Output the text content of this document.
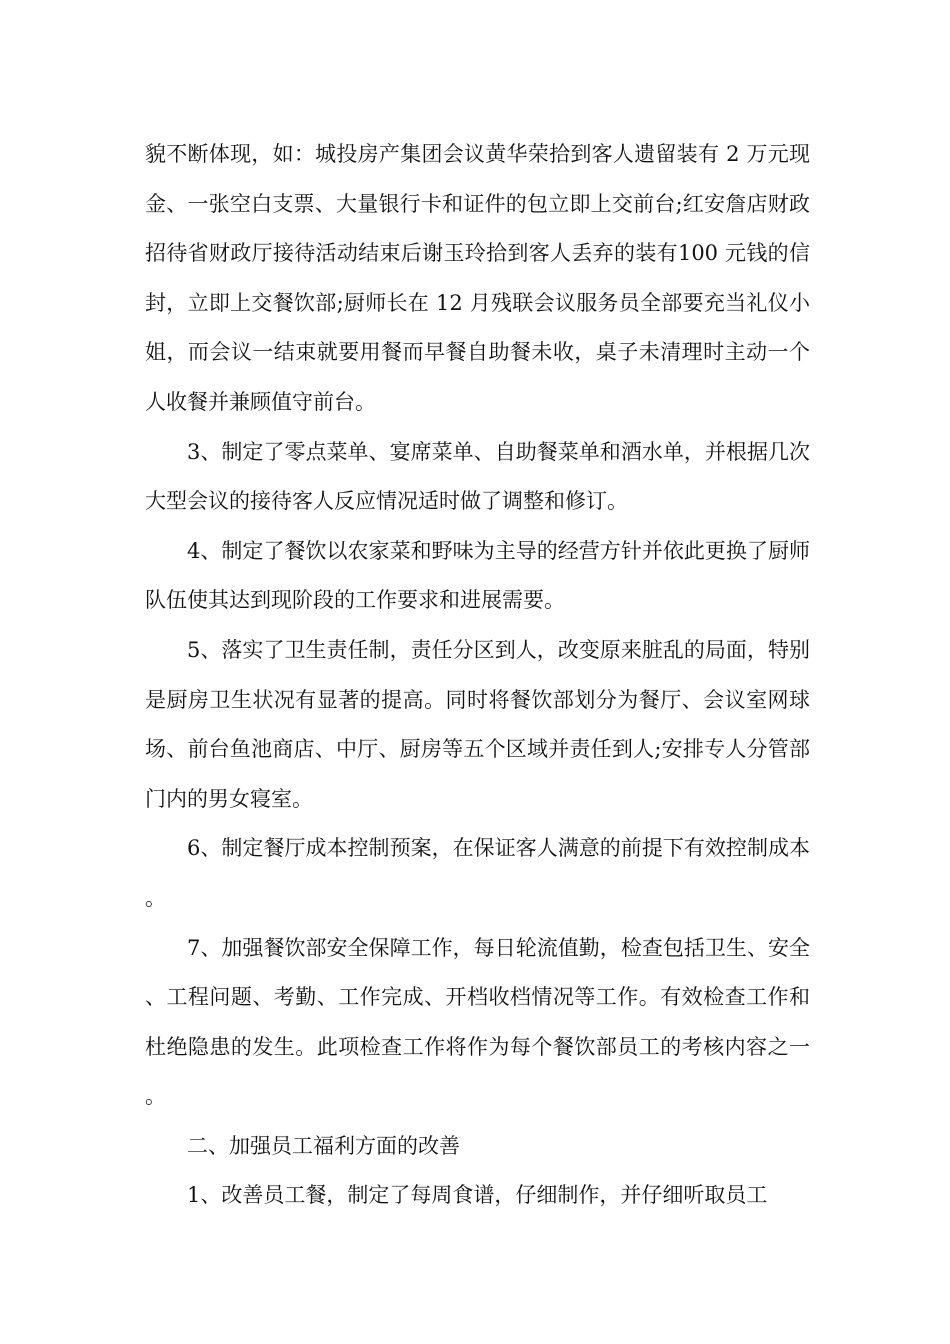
貌不断体现，如：城投房产集团会议黄华荣拾到客人遗留装有 2 万元现金、一张空白支票、大量银行卡和证件的包立即上交前台;红安詹店财政招待省财政厅接待活动结束后谢玉玲拾到客人丢弃的装有100 元钱的信封，立即上交餐饮部;厨师长在 12 月残联会议服务员全部要充当礼仪小姐，而会议一结束就要用餐而早餐自助餐未收，桌子未清理时主动一个人收餐并兼顾值守前台。

3、制定了零点菜单、宴席菜单、自助餐菜单和酒水单，并根据几次大型会议的接待客人反应情况适时做了调整和修订。

4、制定了餐饮以农家菜和野味为主导的经营方针并依此更换了厨师队伍使其达到现阶段的工作要求和进展需要。

5、落实了卫生责任制，责任分区到人，改变原来脏乱的局面，特别是厨房卫生状况有显著的提高。同时将餐饮部划分为餐厅、会议室网球场、前台鱼池商店、中厅、厨房等五个区域并责任到人;安排专人分管部门内的男女寝室。

6、制定餐厅成本控制预案，在保证客人满意的前提下有效控制成本。

7、加强餐饮部安全保障工作，每日轮流值勤，检查包括卫生、安全、工程问题、考勤、工作完成、开档收档情况等工作。有效检查工作和杜绝隐患的发生。此项检查工作将作为每个餐饮部员工的考核内容之一。

二、加强员工福利方面的改善

1、改善员工餐，制定了每周食谱，仔细制作，并仔细听取员工
